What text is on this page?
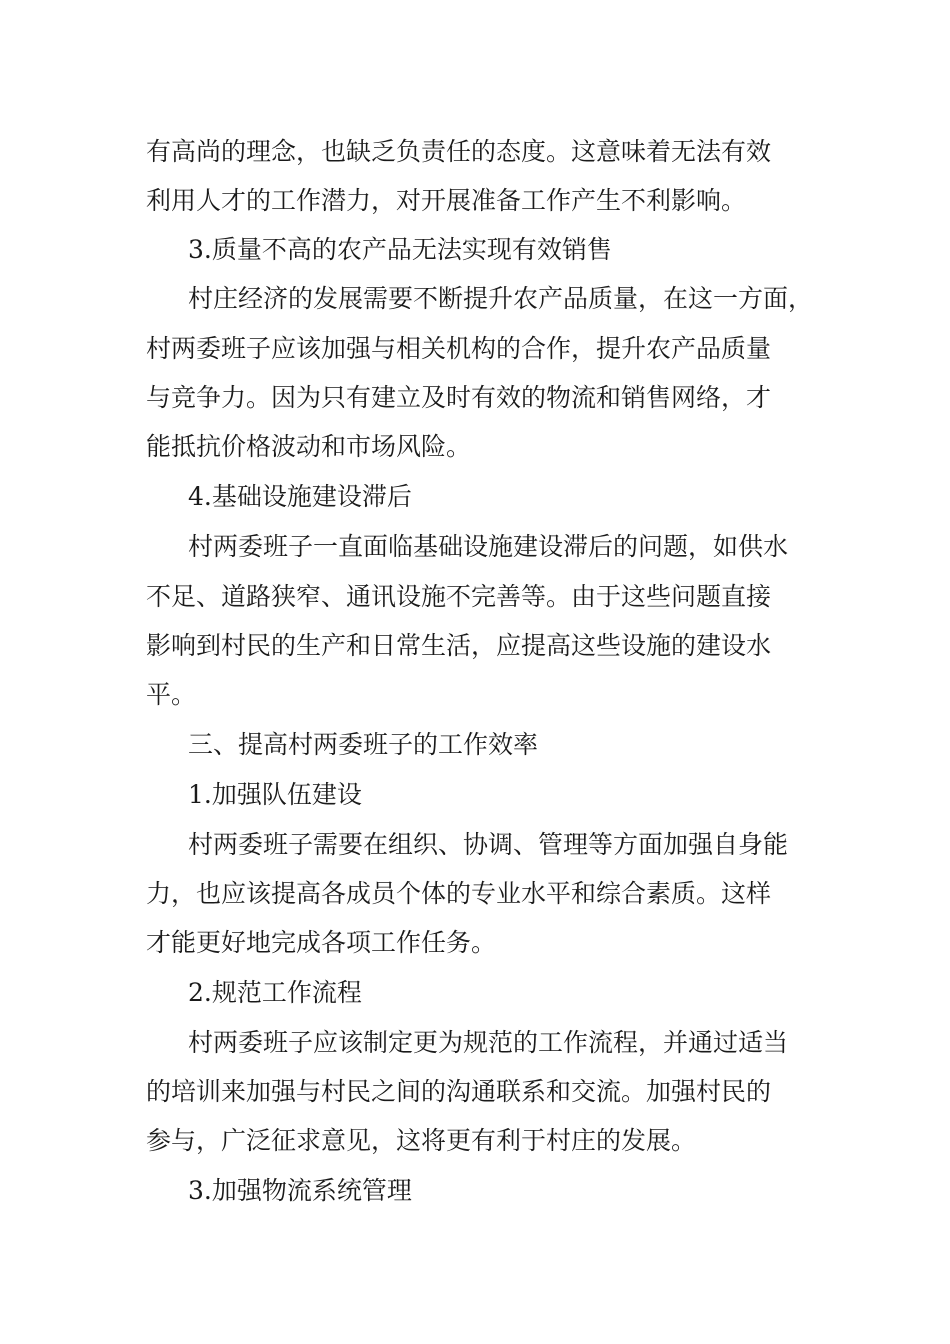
有高尚的理念，也缺乏负责任的态度。这意味着无法有效
利用人才的工作潜力，对开展准备工作产生不利影响。
3.质量不高的农产品无法实现有效销售
村庄经济的发展需要不断提升农产品质量，在这一方面，
村两委班子应该加强与相关机构的合作，提升农产品质量
与竞争力。因为只有建立及时有效的物流和销售网络，才
能抵抗价格波动和市场风险。
4.基础设施建设滞后
村两委班子一直面临基础设施建设滞后的问题，如供水
不足、道路狭窄、通讯设施不完善等。由于这些问题直接
影响到村民的生产和日常生活，应提高这些设施的建设水
平。
三、提高村两委班子的工作效率
1.加强队伍建设
村两委班子需要在组织、协调、管理等方面加强自身能
力，也应该提高各成员个体的专业水平和综合素质。这样
才能更好地完成各项工作任务。
2.规范工作流程
村两委班子应该制定更为规范的工作流程，并通过适当
的培训来加强与村民之间的沟通联系和交流。加强村民的
参与，广泛征求意见，这将更有利于村庄的发展。
3.加强物流系统管理
